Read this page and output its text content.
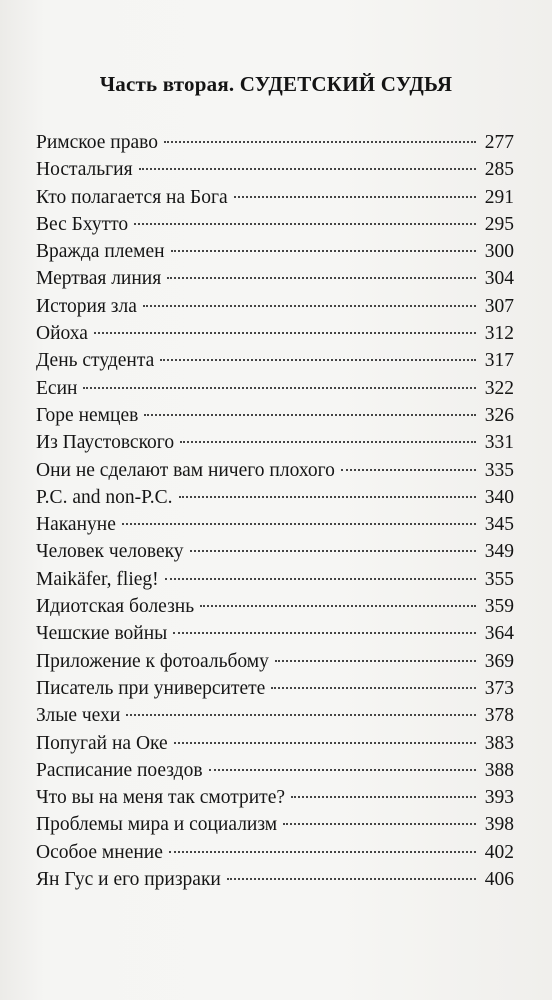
Часть вторая. СУДЕТСКИЙ СУДЬЯ
Римское право	277
Ностальгия	285
Кто полагается на Бога	291
Вес Бхутто	295
Вражда племен	300
Мертвая линия	304
История зла	307
Ойоха	312
День студента	317
Есин	322
Горе немцев	326
Из Паустовского	331
Они не сделают вам ничего плохого	335
P.C. and non-P.C.	340
Накануне	345
Человек человеку	349
Maikäfer, flieg!	355
Идиотская болезнь	359
Чешские войны	364
Приложение к фотоальбому	369
Писатель при университете	373
Злые чехи	378
Попугай на Оке	383
Расписание поездов	388
Что вы на меня так смотрите?	393
Проблемы мира и социализм	398
Особое мнение	402
Ян Гус и его призраки	406
